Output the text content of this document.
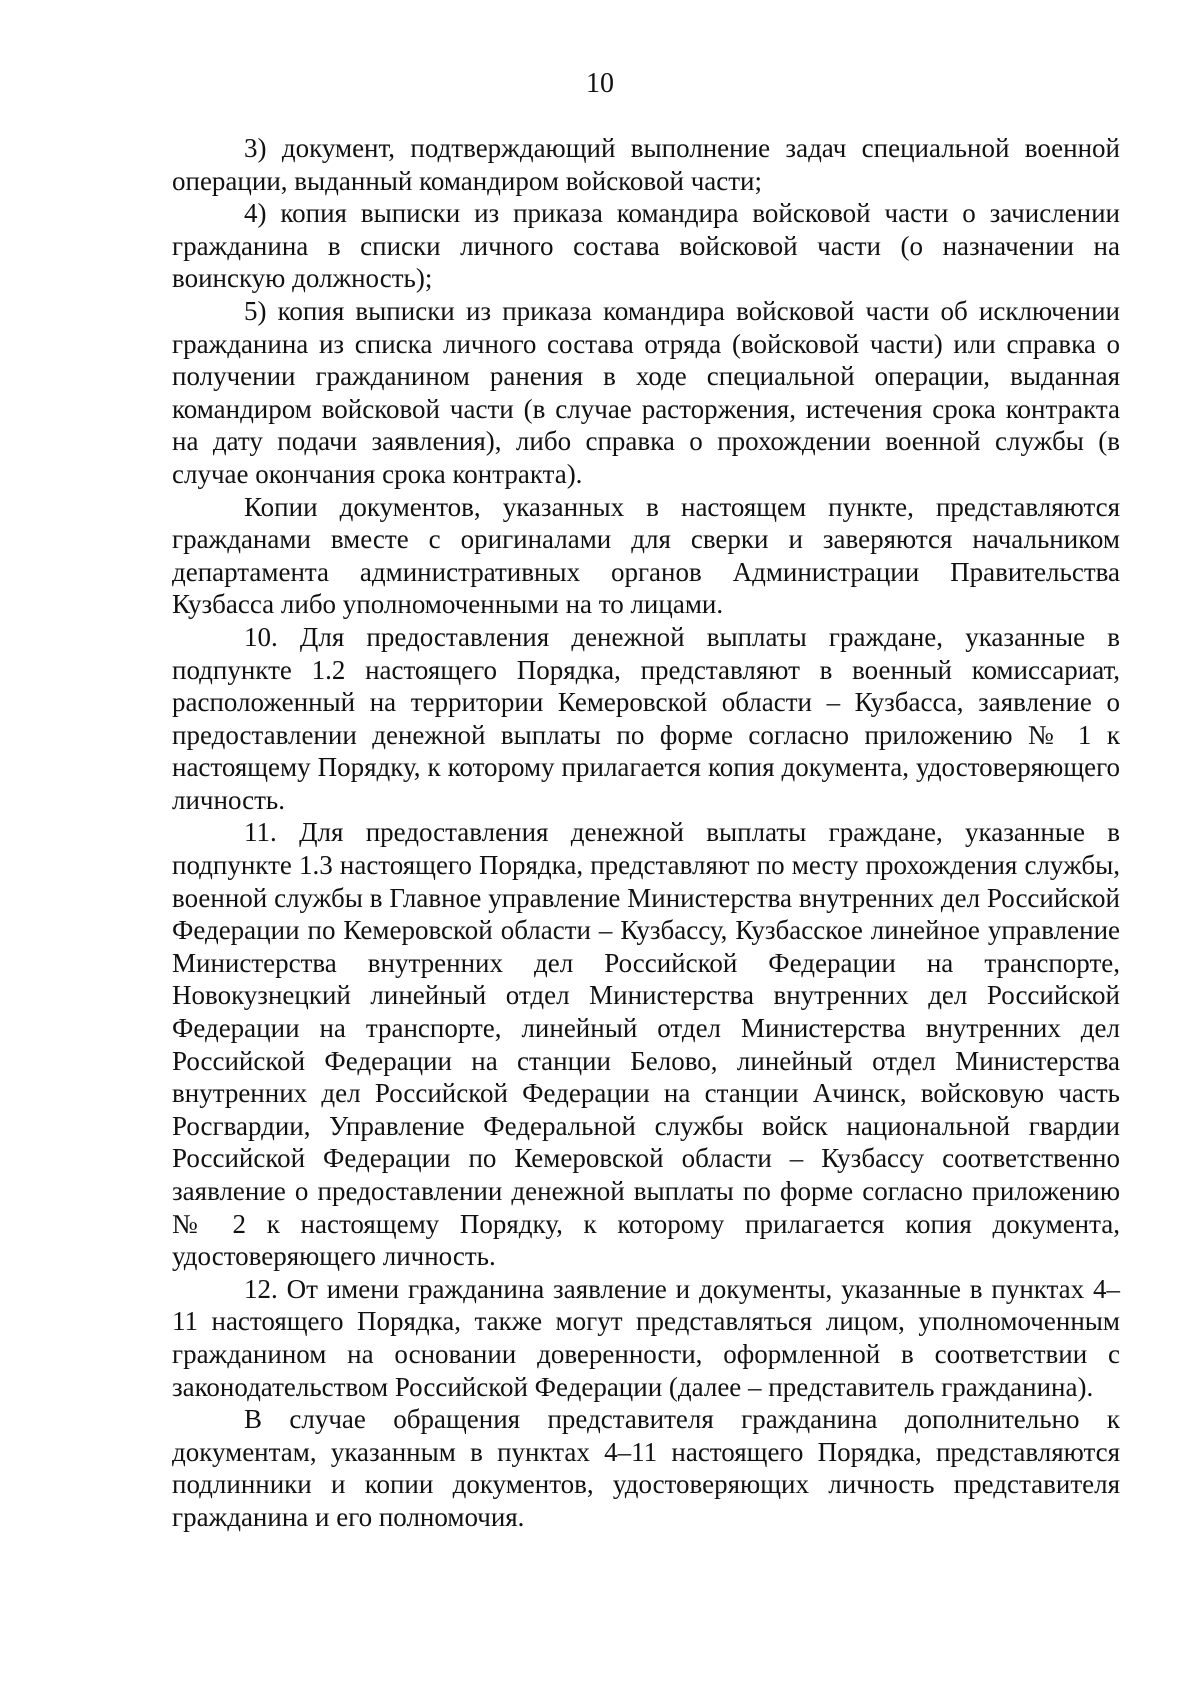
10

3) документ, подтверждающий выполнение задач специальной военной операции, выданный командиром войсковой части;

4) копия выписки из приказа командира войсковой части о зачислении гражданина в списки личного состава войсковой части (о назначении на воинскую должность);

5) копия выписки из приказа командира войсковой части об исключении гражданина из списка личного состава отряда (войсковой части) или справка о получении гражданином ранения в ходе специальной операции, выданная командиром войсковой части (в случае расторжения, истечения срока контракта на дату подачи заявления), либо справка о прохождении военной службы (в случае окончания срока контракта).

Копии документов, указанных в настоящем пункте, представляются гражданами вместе с оригиналами для сверки и заверяются начальником департамента административных органов Администрации Правительства Кузбасса либо уполномоченными на то лицами.

10. Для предоставления денежной выплаты граждане, указанные в подпункте 1.2 настоящего Порядка, представляют в военный комиссариат, расположенный на территории Кемеровской области – Кузбасса, заявление о предоставлении денежной выплаты по форме согласно приложению № 1 к настоящему Порядку, к которому прилагается копия документа, удостоверяющего личность.

11. Для предоставления денежной выплаты граждане, указанные в подпункте 1.3 настоящего Порядка, представляют по месту прохождения службы, военной службы в Главное управление Министерства внутренних дел Российской Федерации по Кемеровской области – Кузбассу, Кузбасское линейное управление Министерства внутренних дел Российской Федерации на транспорте, Новокузнецкий линейный отдел Министерства внутренних дел Российской Федерации на транспорте, линейный отдел Министерства внутренних дел Российской Федерации на станции Белово, линейный отдел Министерства внутренних дел Российской Федерации на станции Ачинск, войсковую часть Росгвардии, Управление Федеральной службы войск национальной гвардии Российской Федерации по Кемеровской области – Кузбассу соответственно заявление о предоставлении денежной выплаты по форме согласно приложению № 2 к настоящему Порядку, к которому прилагается копия документа, удостоверяющего личность.

12. От имени гражданина заявление и документы, указанные в пунктах 4–11 настоящего Порядка, также могут представляться лицом, уполномоченным гражданином на основании доверенности, оформленной в соответствии с законодательством Российской Федерации (далее – представитель гражданина).

В случае обращения представителя гражданина дополнительно к документам, указанным в пунктах 4–11 настоящего Порядка, представляются подлинники и копии документов, удостоверяющих личность представителя гражданина и его полномочия.
